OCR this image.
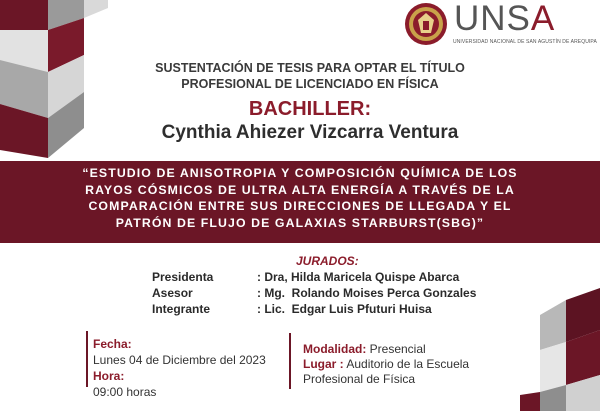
UNSA
UNIVERSIDAD NACIONAL DE SAN AGUSTÍN DE AREQUIPA
SUSTENTACIÓN DE TESIS PARA OPTAR EL TÍTULO
PROFESIONAL DE LICENCIADO EN FÍSICA
BACHILLER:
Cynthia Ahiezer Vizcarra Ventura
“ESTUDIO DE ANISOTROPIA Y COMPOSICIÓN QUÍMICA DE LOS
RAYOS CÓSMICOS DE ULTRA ALTA ENERGÍA A TRAVÉS DE LA
COMPARACIÓN ENTRE SUS DIRECCIONES DE LLEGADA Y EL
PATRÓN DE FLUJO DE GALAXIAS STARBURST(SBG)”
JURADOS:
Presidenta	: Dra, Hilda Maricela Quispe Abarca
Asesor	: Mg.  Rolando Moises Perca Gonzales
Integrante	: Lic.  Edgar Luis Pfuturi Huisa
Fecha:
Lunes 04 de Diciembre del 2023
Hora:
09:00 horas
Modalidad: Presencial
Lugar : Auditorio de la Escuela
Profesional de Física
